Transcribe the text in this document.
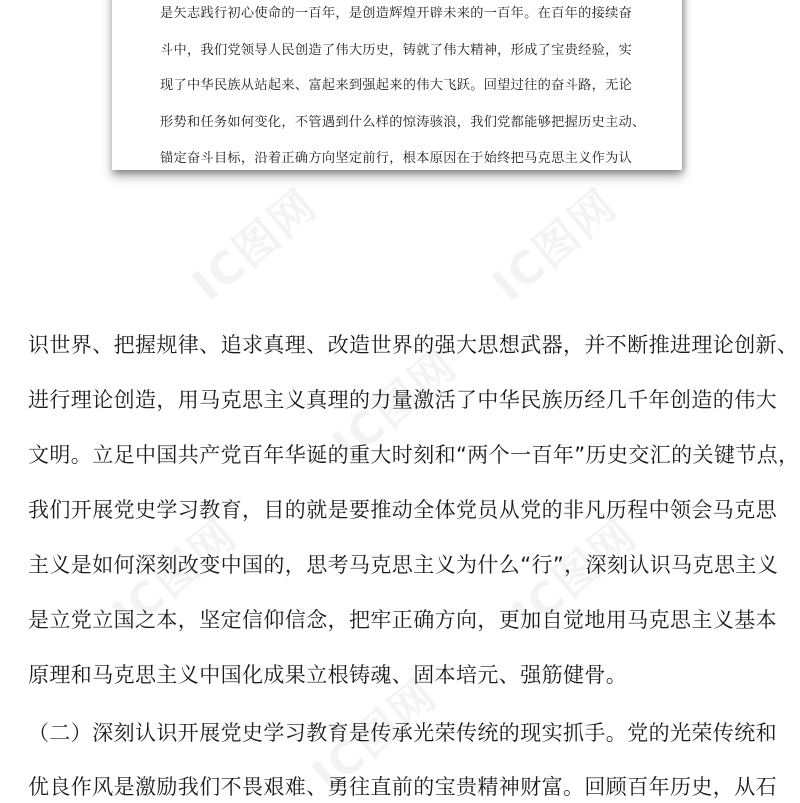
是矢志践行初心使命的一百年，是创造辉煌开辟未来的一百年。在百年的接续奋
斗中，我们党领导人民创造了伟大历史，铸就了伟大精神，形成了宝贵经验，实
现了中华民族从站起来、富起来到强起来的伟大飞跃。回望过往的奋斗路，无论
形势和任务如何变化，不管遇到什么样的惊涛骇浪，我们党都能够把握历史主动、
锚定奋斗目标，沿着正确方向坚定前行，根本原因在于始终把马克思主义作为认
IC图网	IC图网
IC图网
IC图网	IC图网
IC图网
识世界、把握规律、追求真理、改造世界的强大思想武器，并不断推进理论创新、
进行理论创造，用马克思主义真理的力量激活了中华民族历经几千年创造的伟大
文明。立足中国共产党百年华诞的重大时刻和“两个一百年”历史交汇的关键节点，
我们开展党史学习教育，目的就是要推动全体党员从党的非凡历程中领会马克思
主义是如何深刻改变中国的，思考马克思主义为什么“行”，深刻认识马克思主义
是立党立国之本，坚定信仰信念，把牢正确方向，更加自觉地用马克思主义基本
原理和马克思主义中国化成果立根铸魂、固本培元、强筋健骨。
（二）深刻认识开展党史学习教育是传承光荣传统的现实抓手。党的光荣传统和
优良作风是激励我们不畏艰难、勇往直前的宝贵精神财富。回顾百年历史，从石
